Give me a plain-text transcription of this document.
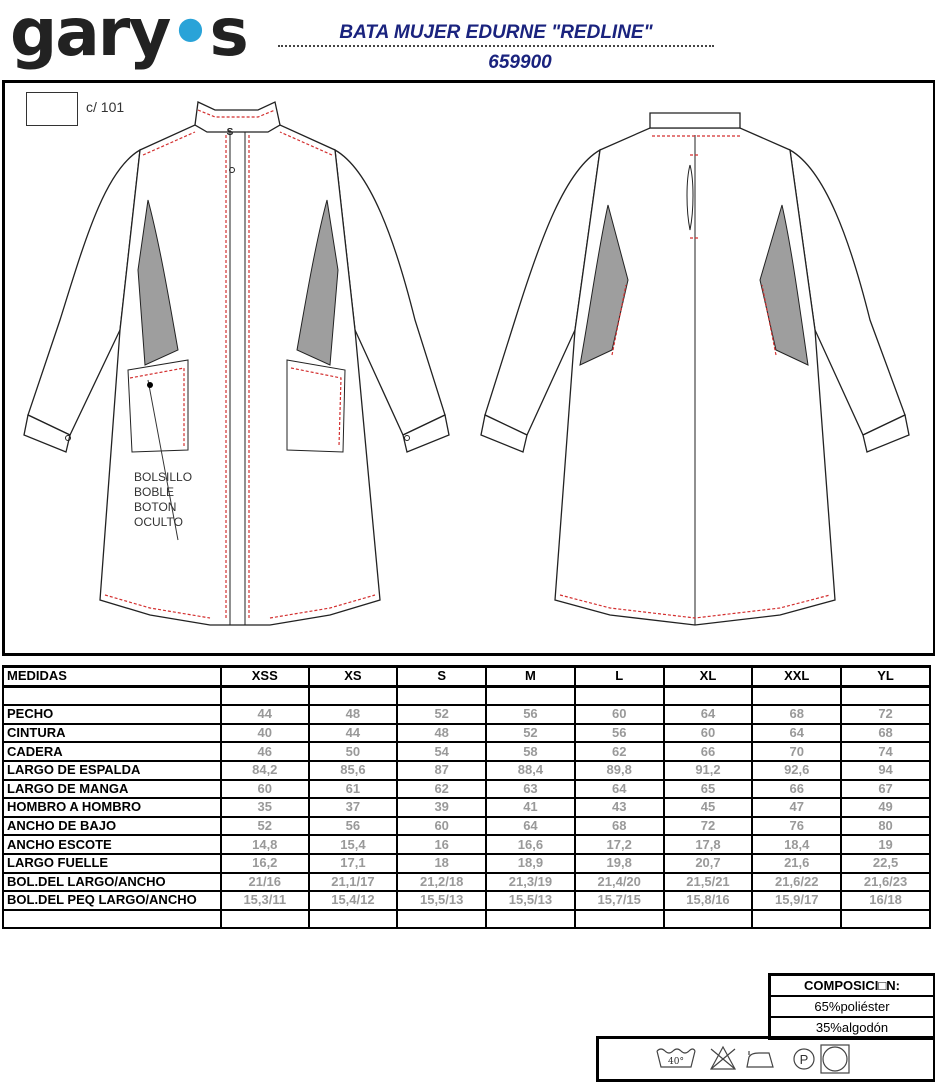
gary•s	BATA MUJER EDURNE "REDLINE"
659900
S
c/ 101
BOLSILLO
BOBLE
BOTON
OCULTO
MEDIDAS	XSS	XS	S	M	L	XL	XXL	YL

PECHO	44	48	52	56	60	64	68	72
CINTURA	40	44	48	52	56	60	64	68
CADERA	46	50	54	58	62	66	70	74
LARGO DE ESPALDA	84,2	85,6	87	88,4	89,8	91,2	92,6	94
LARGO DE MANGA	60	61	62	63	64	65	66	67
HOMBRO A HOMBRO	35	37	39	41	43	45	47	49
ANCHO DE BAJO	52	56	60	64	68	72	76	80
ANCHO ESCOTE	14,8	15,4	16	16,6	17,2	17,8	18,4	19
LARGO FUELLE	16,2	17,1	18	18,9	19,8	20,7	21,6	22,5
BOL.DEL LARGO/ANCHO	21/16	21,1/17	21,2/18	21,3/19	21,4/20	21,5/21	21,6/22	21,6/23
BOL.DEL PEQ LARGO/ANCHO	15,3/11	15,4/12	15,5/13	15,5/13	15,7/15	15,8/16	15,9/17	16/18

COMPOSICI□N:
65%poliéster
35%algodón
40°	P
